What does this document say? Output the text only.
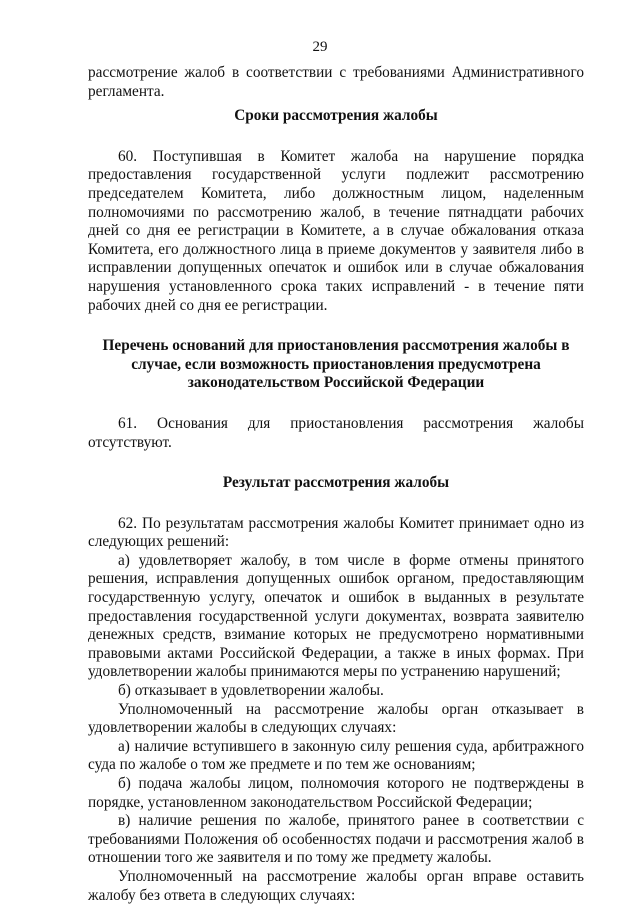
29

рассмотрение жалоб в соответствии с требованиями Административного регламента.

Сроки рассмотрения жалобы

60. Поступившая в Комитет жалоба на нарушение порядка предоставления государственной услуги подлежит рассмотрению председателем Комитета, либо должностным лицом, наделенным полномочиями по рассмотрению жалоб, в течение пятнадцати рабочих дней со дня ее регистрации в Комитете, а в случае обжалования отказа Комитета, его должностного лица в приеме документов у заявителя либо в исправлении допущенных опечаток и ошибок или в случае обжалования нарушения установленного срока таких исправлений - в течение пяти рабочих дней со дня ее регистрации.

Перечень оснований для приостановления рассмотрения жалобы в случае, если возможность приостановления предусмотрена законодательством Российской Федерации

61. Основания для приостановления рассмотрения жалобы отсутствуют.

Результат рассмотрения жалобы

62. По результатам рассмотрения жалобы Комитет принимает одно из следующих решений:

а) удовлетворяет жалобу, в том числе в форме отмены принятого решения, исправления допущенных ошибок органом, предоставляющим государственную услугу, опечаток и ошибок в выданных в результате предоставления государственной услуги документах, возврата заявителю денежных средств, взимание которых не предусмотрено нормативными правовыми актами Российской Федерации, а также в иных формах. При удовлетворении жалобы принимаются меры по устранению нарушений;

б) отказывает в удовлетворении жалобы.

Уполномоченный на рассмотрение жалобы орган отказывает в удовлетворении жалобы в следующих случаях:

а) наличие вступившего в законную силу решения суда, арбитражного суда по жалобе о том же предмете и по тем же основаниям;

б) подача жалобы лицом, полномочия которого не подтверждены в порядке, установленном законодательством Российской Федерации;

в) наличие решения по жалобе, принятого ранее в соответствии с требованиями Положения об особенностях подачи и рассмотрения жалоб в отношении того же заявителя и по тому же предмету жалобы.

Уполномоченный на рассмотрение жалобы орган вправе оставить жалобу без ответа в следующих случаях:
